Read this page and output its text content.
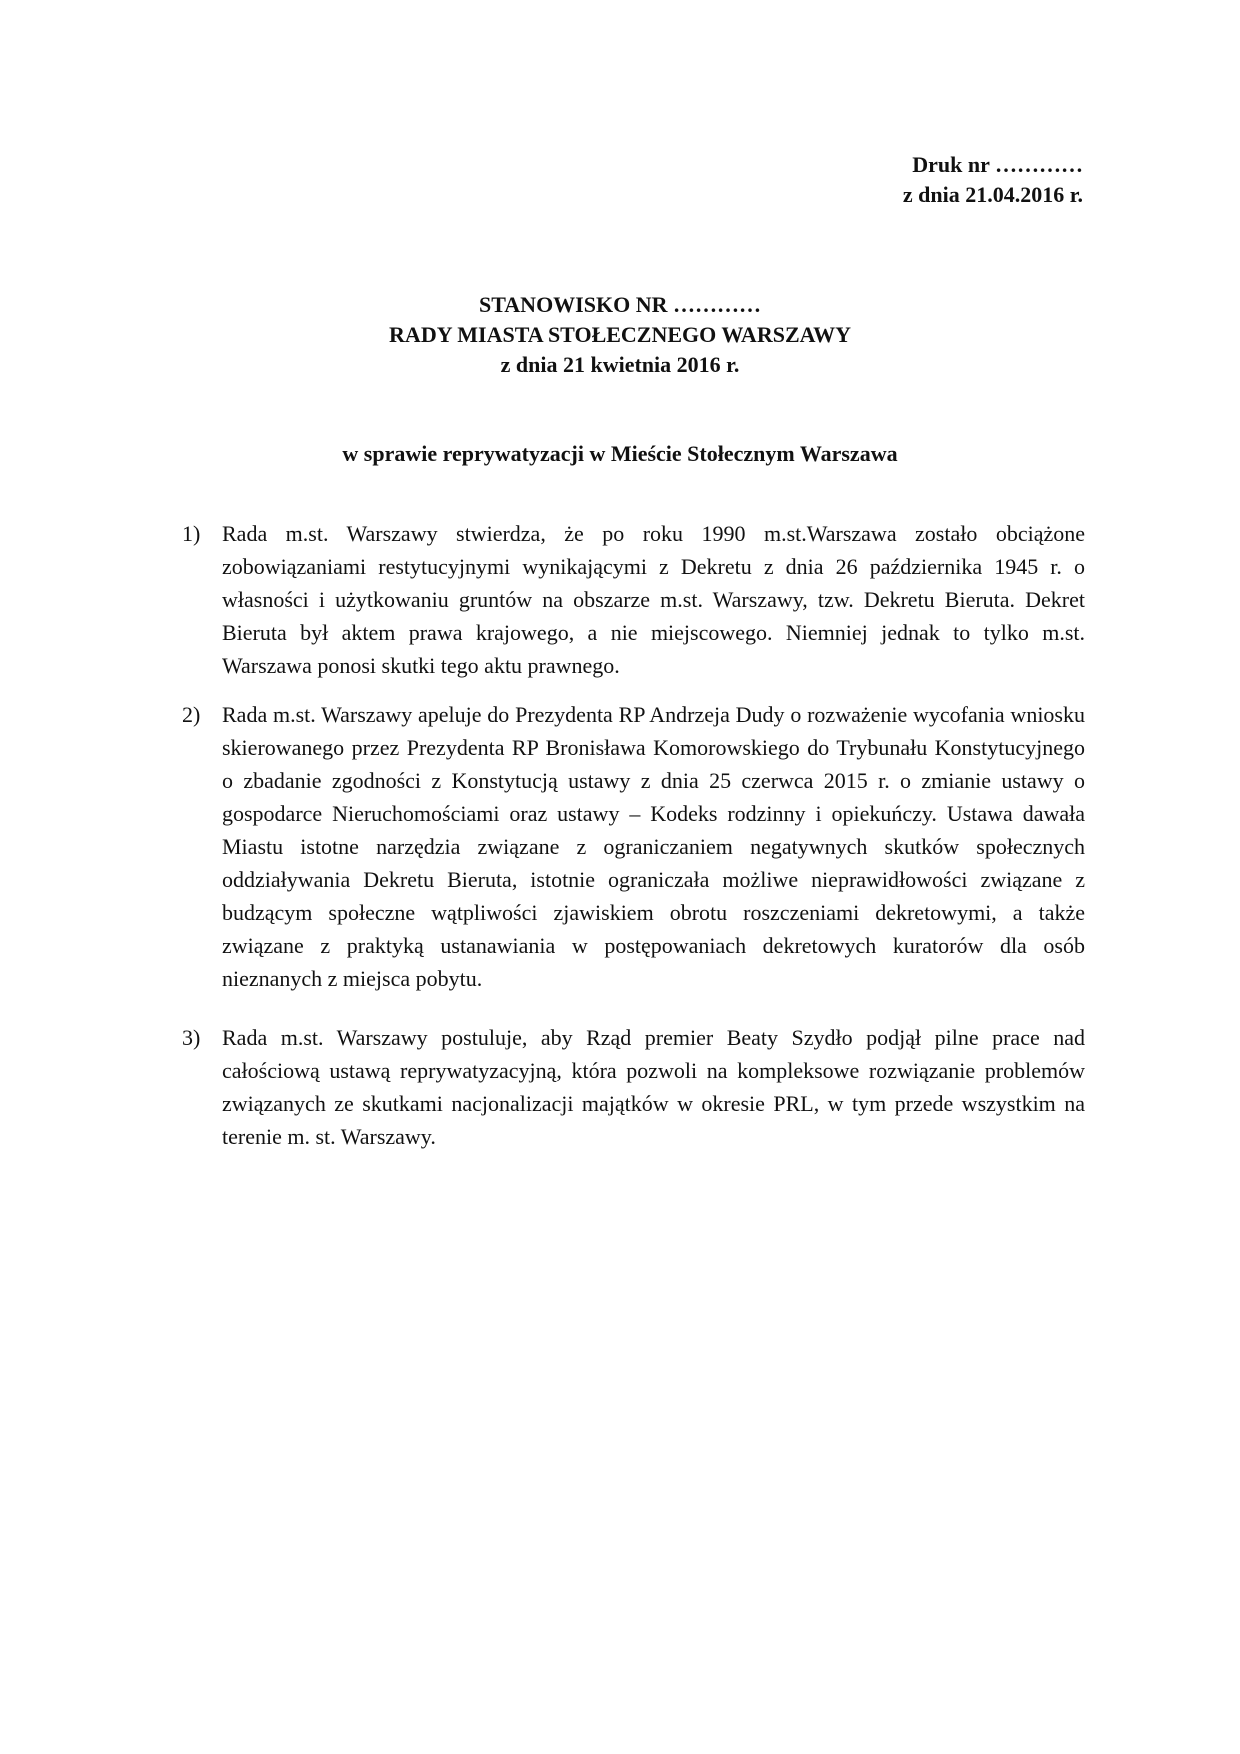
Druk nr …………
z dnia 21.04.2016 r.
STANOWISKO NR …………
RADY MIASTA STOŁECZNEGO WARSZAWY
z dnia 21 kwietnia 2016 r.
w sprawie reprywatyzacji w Mieście Stołecznym Warszawa
1) Rada m.st. Warszawy stwierdza, że po roku 1990 m.st.Warszawa zostało obciążone zobowiązaniami restytucyjnymi wynikającymi z Dekretu z dnia 26 października 1945 r. o własności i użytkowaniu gruntów na obszarze m.st. Warszawy, tzw. Dekretu Bieruta. Dekret Bieruta był aktem prawa krajowego, a nie miejscowego. Niemniej jednak to tylko m.st. Warszawa ponosi skutki tego aktu prawnego.
2) Rada m.st. Warszawy apeluje do Prezydenta RP Andrzeja Dudy o rozważenie wycofania wniosku skierowanego przez Prezydenta RP Bronisława Komorowskiego do Trybunału Konstytucyjnego o zbadanie zgodności z Konstytucją ustawy z dnia 25 czerwca 2015 r. o zmianie ustawy o gospodarce Nieruchomościami oraz ustawy – Kodeks rodzinny i opiekuńczy. Ustawa dawała Miastu istotne narzędzia związane z ograniczaniem negatywnych skutków społecznych oddziaływania Dekretu Bieruta, istotnie ograniczała możliwe nieprawidłowości związane z budzącym społeczne wątpliwości zjawiskiem obrotu roszczeniami dekretowymi, a także związane z praktyką ustanawiania w postępowaniach dekretowych kuratorów dla osób nieznanych z miejsca pobytu.
3) Rada m.st. Warszawy postuluje, aby Rząd premier Beaty Szydło podjął pilne prace nad całościową ustawą reprywatyzacyjną, która pozwoli na kompleksowe rozwiązanie problemów związanych ze skutkami nacjonalizacji majątków w okresie PRL, w tym przede wszystkim na terenie m. st. Warszawy.
